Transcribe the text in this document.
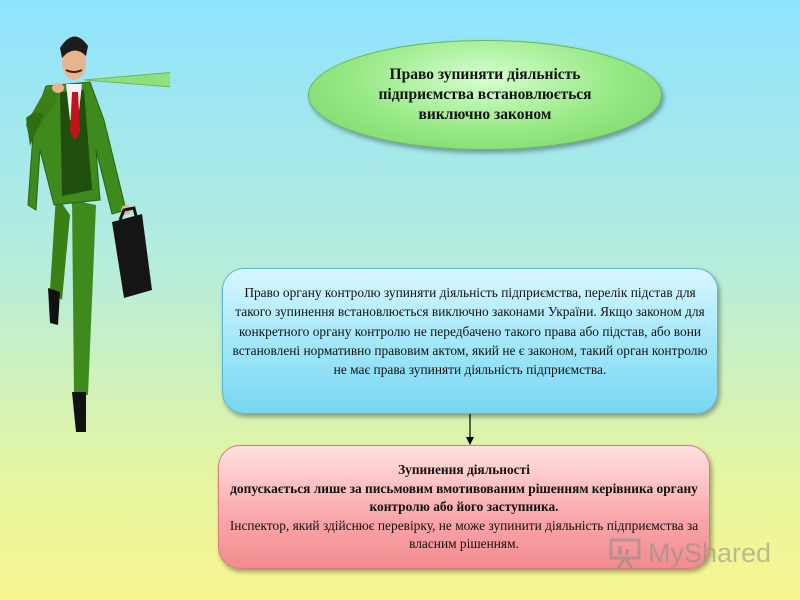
Право зупиняти діяльність підприємства встановлюється виключно законом
Право органу контролю зупиняти діяльність підприємства, перелік підстав для такого зупинення встановлюється виключно законами України. Якщо законом для конкретного органу контролю не передбачено такого права або підстав, або вони встановлені нормативно правовим актом, який не є законом, такий орган контролю не має права зупиняти діяльність підприємства.
Зупинення діяльності
допускається лише за письмовим вмотивованим рішенням керівника органу контролю або його заступника.
Інспектор, який здійснює перевірку, не може зупинити діяльність підприємства за власним рішенням.	MyShared
